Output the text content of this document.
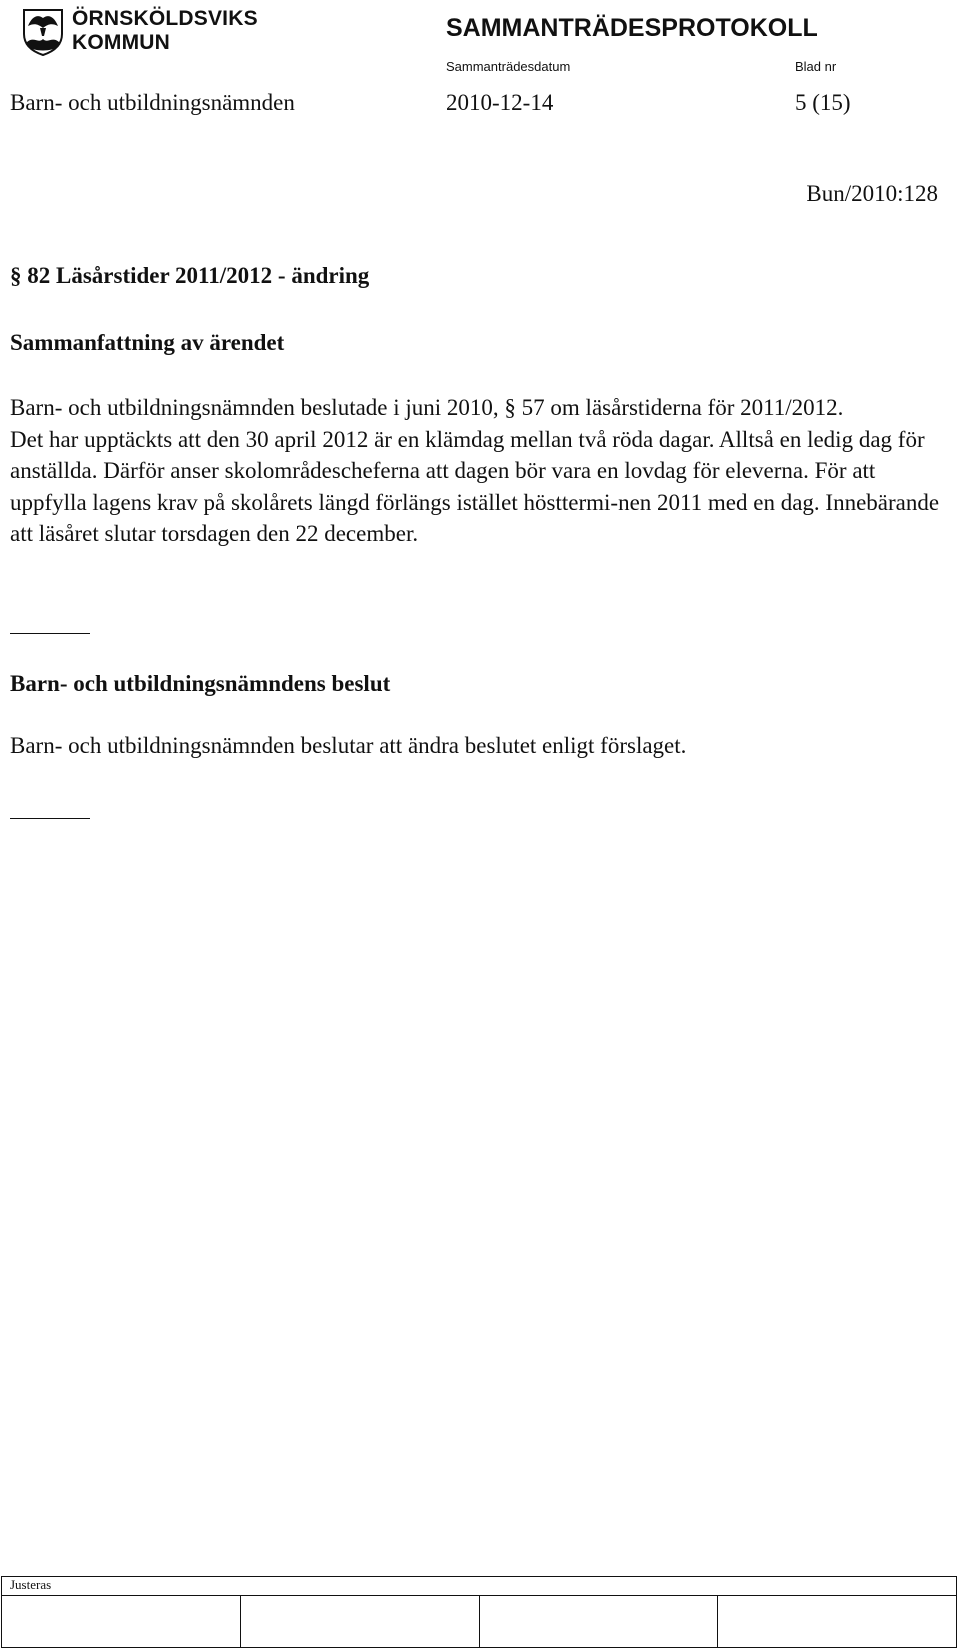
ÖRNSKÖLDSVIKS KOMMUN
SAMMANTRÄDESPROTOKOLL
Sammanträdesdatum	Blad nr
Barn- och utbildningsnämnden	2010-12-14	5 (15)
Bun/2010:128
§ 82 Läsårstider 2011/2012 - ändring
Sammanfattning av ärendet

Barn- och utbildningsnämnden beslutade i juni 2010, § 57 om läsårstiderna för 2011/2012.

Det har upptäckts att den 30 april 2012 är en klämdag mellan två röda dagar. Alltså en ledig dag för anställda. Därför anser skolområdescheferna att dagen bör vara en lovdag för eleverna. För att uppfylla lagens krav på skolårets längd förlängs istället hösttermi-nen 2011 med en dag. Innebärande att läsåret slutar torsdagen den 22 december.

Barn- och utbildningsnämndens beslut
Barn- och utbildningsnämnden beslutar att ändra beslutet enligt förslaget.
Justeras
